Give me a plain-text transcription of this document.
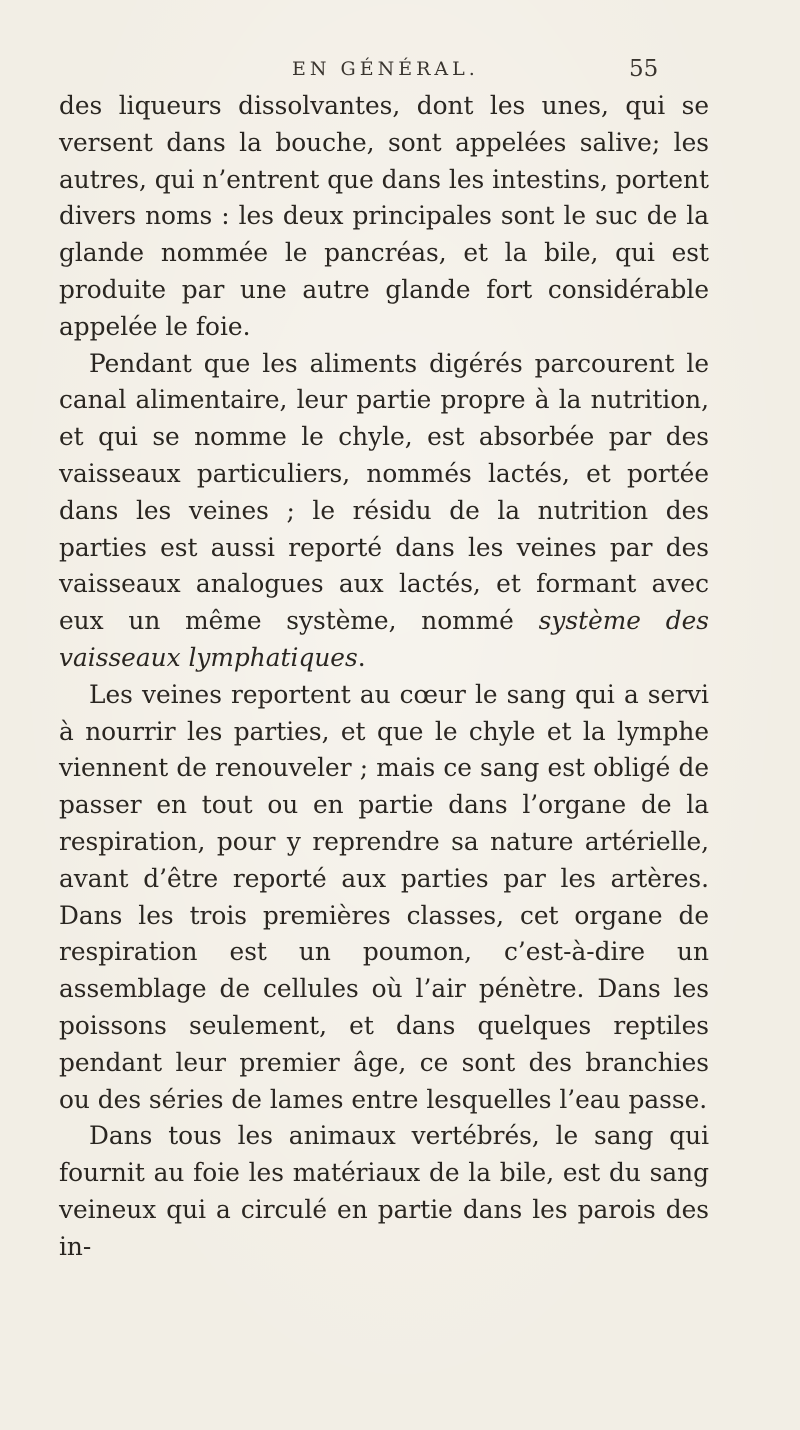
EN GÉNÉRAL.	55

des liqueurs dissolvantes, dont les unes, qui se versent dans la bouche, sont appelées salive; les autres, qui n’entrent que dans les intestins, portent divers noms : les deux principales sont le suc de la glande nommée le pancréas, et la bile, qui est produite par une autre glande fort considérable appelée le foie.

Pendant que les aliments digérés parcourent le canal alimentaire, leur partie propre à la nutrition, et qui se nomme le chyle, est absorbée par des vaisseaux particuliers, nommés lactés, et portée dans les veines ; le résidu de la nutrition des parties est aussi reporté dans les veines par des vaisseaux analogues aux lactés, et formant avec eux un même système, nommé système des vaisseaux lymphatiques.

Les veines reportent au cœur le sang qui a servi à nourrir les parties, et que le chyle et la lymphe viennent de renouveler ; mais ce sang est obligé de passer en tout ou en partie dans l’organe de la respiration, pour y reprendre sa nature artérielle, avant d’être reporté aux parties par les artères. Dans les trois premières classes, cet organe de respiration est un poumon, c’est-à-dire un assemblage de cellules où l’air pénètre. Dans les poissons seulement, et dans quelques reptiles pendant leur premier âge, ce sont des branchies ou des séries de lames entre lesquelles l’eau passe.

Dans tous les animaux vertébrés, le sang qui fournit au foie les matériaux de la bile, est du sang veineux qui a circulé en partie dans les parois des in-
